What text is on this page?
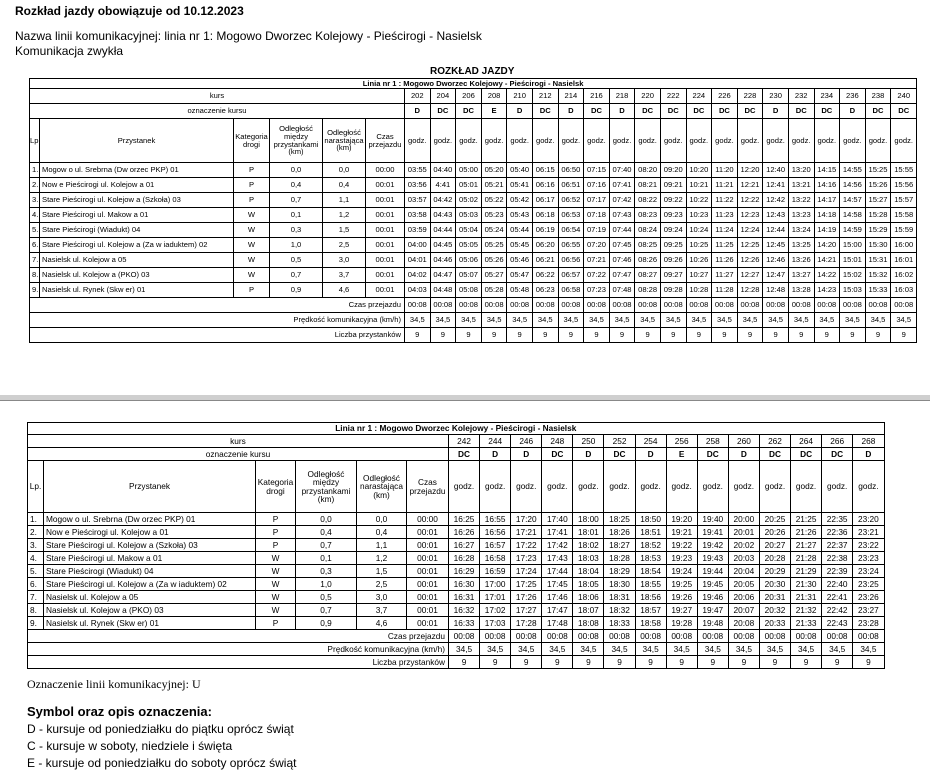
Rozkład jazdy obowiązuje od 10.12.2023
Nazwa linii komunikacyjnej: linia nr 1: Mogowo Dworzec Kolejowy - Pieścirogi - Nasielsk
Komunikacja zwykła
ROZKŁAD JAZDY
Linia nr 1 : Mogowo Dworzec Kolejowy - Pieścirogi - Nasielsk																									
kurs						202	204	206	208	210	212	214	216	218	220	222	224	226	228	230	232	234	236	238	240
oznaczenie kursu						D	DC	DC	E	D	DC	D	DC	D	DC	DC	DC	DC	DC	D	DC	DC	D	DC	DC
Lp.	Przystanek	Kategoria drogi	Odległość między przystankami (km)	Odległość narastająca (km)	Czas przejazdu	godz.	godz.	godz.	godz.	godz.	godz.	godz.	godz.	godz.	godz.	godz.	godz.	godz.	godz.	godz.	godz.	godz.	godz.	godz.	godz.
1.	Mogow o ul. Srebrna (Dw orzec PKP) 01	P	0,0	0,0	00:00	03:55	04:40	05:00	05:20	05:40	06:15	06:50	07:15	07:40	08:20	09:20	10:20	11:20	12:20	12:40	13:20	14:15	14:55	15:25	15:55
2.	Now e Pieścirogi ul. Kolejow a 01	P	0,4	0,4	00:01	03:56	4:41	05:01	05:21	05:41	06:16	06:51	07:16	07:41	08:21	09:21	10:21	11:21	12:21	12:41	13:21	14:16	14:56	15:26	15:56
3.	Stare Pieścirogi ul. Kolejow a (Szkoła) 03	P	0,7	1,1	00:01	03:57	04:42	05:02	05:22	05:42	06:17	06:52	07:17	07:42	08:22	09:22	10:22	11:22	12:22	12:42	13:22	14:17	14:57	15:27	15:57
4.	Stare Pieścirogi ul. Makow a 01	W	0,1	1,2	00:01	03:58	04:43	05:03	05:23	05:43	06:18	06:53	07:18	07:43	08:23	09:23	10:23	11:23	12:23	12:43	13:23	14:18	14:58	15:28	15:58
5.	Stare Pieścirogi (Wiadukt) 04	W	0,3	1,5	00:01	03:59	04:44	05:04	05:24	05:44	06:19	06:54	07:19	07:44	08:24	09:24	10:24	11:24	12:24	12:44	13:24	14:19	14:59	15:29	15:59
6.	Stare Pieścirogi ul. Kolejow a (Za w iaduktem) 02	W	1,0	2,5	00:01	04:00	04:45	05:05	05:25	05:45	06:20	06:55	07:20	07:45	08:25	09:25	10:25	11:25	12:25	12:45	13:25	14:20	15:00	15:30	16:00
7.	Nasielsk ul. Kolejow a 05	W	0,5	3,0	00:01	04:01	04:46	05:06	05:26	05:46	06:21	06:56	07:21	07:46	08:26	09:26	10:26	11:26	12:26	12:46	13:26	14:21	15:01	15:31	16:01
8.	Nasielsk ul. Kolejow a (PKO) 03	W	0,7	3,7	00:01	04:02	04:47	05:07	05:27	05:47	06:22	06:57	07:22	07:47	08:27	09:27	10:27	11:27	12:27	12:47	13:27	14:22	15:02	15:32	16:02
9.	Nasielsk ul. Rynek (Skw er) 01	P	0,9	4,6	00:01	04:03	04:48	05:08	05:28	05:48	06:23	06:58	07:23	07:48	08:28	09:28	10:28	11:28	12:28	12:48	13:28	14:23	15:03	15:33	16:03
Czas przejazdu						00:08	00:08	00:08	00:08	00:08	00:08	00:08	00:08	00:08	00:08	00:08	00:08	00:08	00:08	00:08	00:08	00:08	00:08	00:08	00:08
Prędkość komunikacyjna (km/h)						34,5	34,5	34,5	34,5	34,5	34,5	34,5	34,5	34,5	34,5	34,5	34,5	34,5	34,5	34,5	34,5	34,5	34,5	34,5	34,5
Liczba przystanków						9	9	9	9	9	9	9	9	9	9	9	9	9	9	9	9	9	9	9	9
Linia nr 1 : Mogowo Dworzec Kolejowy - Pieścirogi - Nasielsk																			
kurs						242	244	246	248	250	252	254	256	258	260	262	264	266	268
oznaczenie kursu						DC	D	D	DC	D	DC	D	E	DC	D	DC	DC	DC	D
Lp.	Przystanek	Kategoria drogi	Odległość między przystankami (km)	Odległość narastająca (km)	Czas przejazdu	godz.	godz.	godz.	godz.	godz.	godz.	godz.	godz.	godz.	godz.	godz.	godz.	godz.	godz.
1.	Mogow o ul. Srebrna (Dw orzec PKP) 01	P	0,0	0,0	00:00	16:25	16:55	17:20	17:40	18:00	18:25	18:50	19:20	19:40	20:00	20:25	21:25	22:35	23:20
2.	Now e Pieścirogi ul. Kolejow a 01	P	0,4	0,4	00:01	16:26	16:56	17:21	17:41	18:01	18:26	18:51	19:21	19:41	20:01	20:26	21:26	22:36	23:21
3.	Stare Pieścirogi ul. Kolejow a (Szkoła) 03	P	0,7	1,1	00:01	16:27	16:57	17:22	17:42	18:02	18:27	18:52	19:22	19:42	20:02	20:27	21:27	22:37	23:22
4.	Stare Pieścirogi ul. Makow a 01	W	0,1	1,2	00:01	16:28	16:58	17:23	17:43	18:03	18:28	18:53	19:23	19:43	20:03	20:28	21:28	22:38	23:23
5.	Stare Pieścirogi (Wiadukt) 04	W	0,3	1,5	00:01	16:29	16:59	17:24	17:44	18:04	18:29	18:54	19:24	19:44	20:04	20:29	21:29	22:39	23:24
6.	Stare Pieścirogi ul. Kolejow a (Za w iaduktem) 02	W	1,0	2,5	00:01	16:30	17:00	17:25	17:45	18:05	18:30	18:55	19:25	19:45	20:05	20:30	21:30	22:40	23:25
7.	Nasielsk ul. Kolejow a 05	W	0,5	3,0	00:01	16:31	17:01	17:26	17:46	18:06	18:31	18:56	19:26	19:46	20:06	20:31	21:31	22:41	23:26
8.	Nasielsk ul. Kolejow a (PKO) 03	W	0,7	3,7	00:01	16:32	17:02	17:27	17:47	18:07	18:32	18:57	19:27	19:47	20:07	20:32	21:32	22:42	23:27
9.	Nasielsk ul. Rynek (Skw er) 01	P	0,9	4,6	00:01	16:33	17:03	17:28	17:48	18:08	18:33	18:58	19:28	19:48	20:08	20:33	21:33	22:43	23:28
Czas przejazdu						00:08	00:08	00:08	00:08	00:08	00:08	00:08	00:08	00:08	00:08	00:08	00:08	00:08	00:08
Prędkość komunikacyjna (km/h)						34,5	34,5	34,5	34,5	34,5	34,5	34,5	34,5	34,5	34,5	34,5	34,5	34,5	34,5
Liczba przystanków						9	9	9	9	9	9	9	9	9	9	9	9	9	9
Oznaczenie linii komunikacyjnej: U
Symbol oraz opis oznaczenia:
D - kursuje od poniedziałku do piątku oprócz świąt
C - kursuje w soboty, niedziele i święta
E - kursuje od poniedziałku do soboty oprócz świąt
